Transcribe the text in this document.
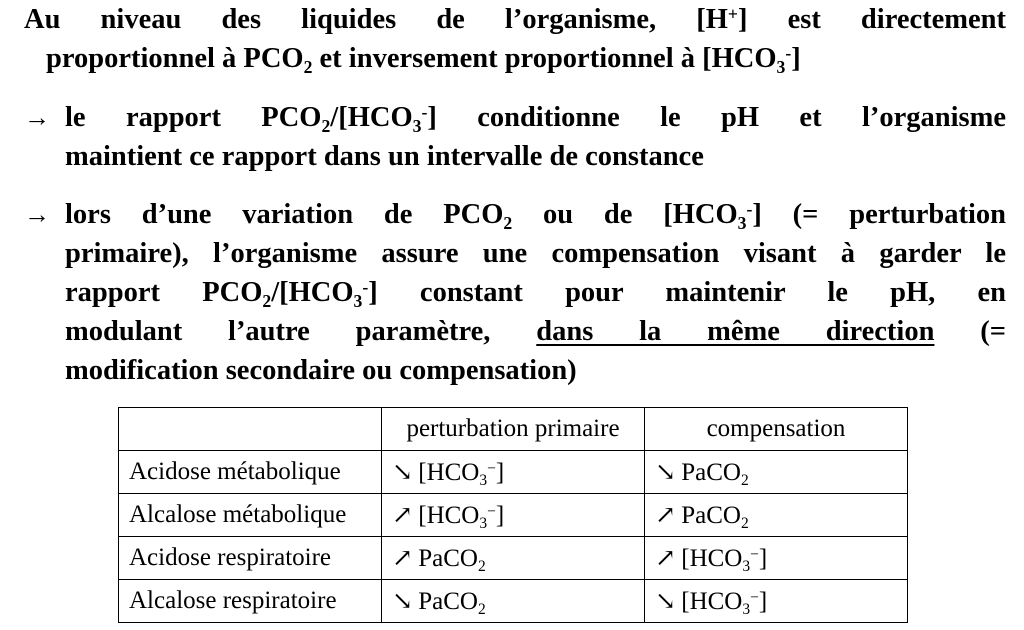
Au niveau des liquides de l’organisme, [H+] est directement
proportionnel à $PCO_2$ et inversement proportionnel à $[HCO_3^-]$
→ le rapport $PCO_2/[HCO_3^-]$ conditionne le pH et l’organisme
maintient ce rapport dans un intervalle de constance
→ lors d’une variation de $PCO_2$ ou de $[HCO_3^-]$ (= perturbation
primaire), l’organisme assure une compensation visant à garder le
rapport $PCO_2/[HCO_3^-]$ constant pour maintenir le pH, en
modulant l’autre paramètre, dans la même direction (=
modification secondaire ou compensation)
	perturbation primaire	compensation
Acidose métabolique	↘ $[HCO_3^-]$	↘ PaCO$_2$
Alcalose métabolique	↗ $[HCO_3^-]$	↗ PaCO$_2$
Acidose respiratoire	↗ PaCO$_2$	↗ $[HCO_3^-]$
Alcalose respiratoire	↘ PaCO$_2$	↘ $[HCO_3^-]$
